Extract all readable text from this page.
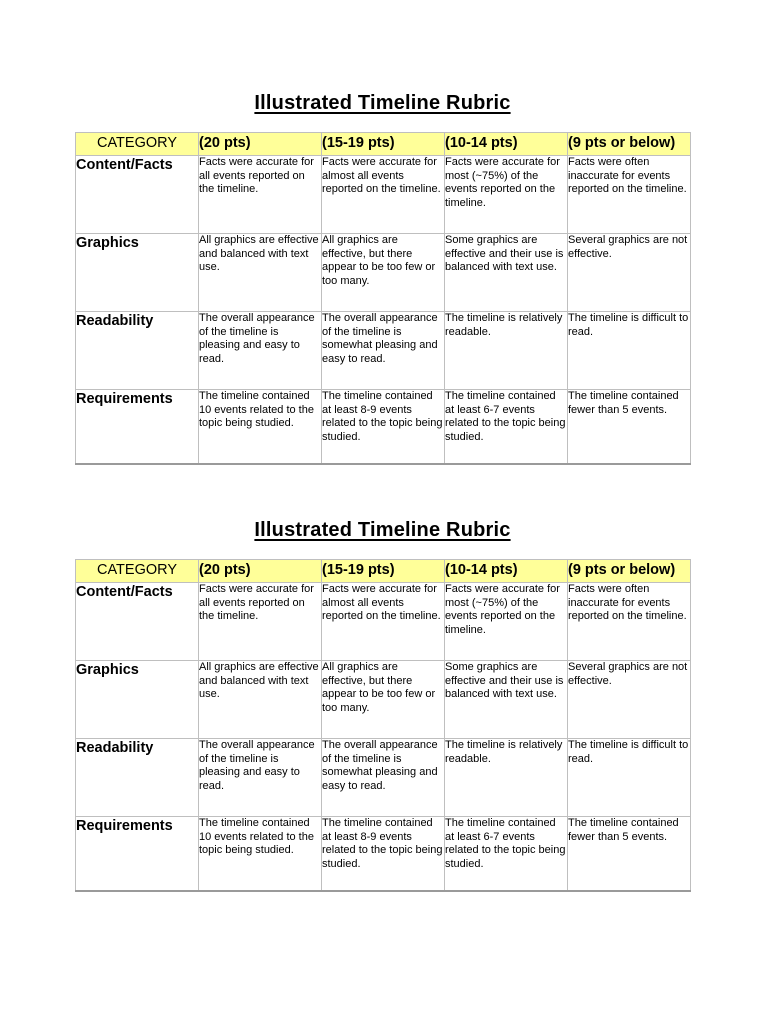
Illustrated Timeline Rubric
CATEGORY	(20 pts)	(15-19 pts)	(10-14 pts)	(9 pts or below)
Content/Facts	Facts were accurate for all events reported on the timeline.	Facts were accurate for almost all events reported on the timeline.	Facts were accurate for most (~75%) of the events reported on the timeline.	Facts were often inaccurate for events reported on the timeline.
Graphics	All graphics are effective and balanced with text use.	All graphics are effective, but there appear to be too few or too many.	Some graphics are effective and their use is balanced with text use.	Several graphics are not effective.
Readability	The overall appearance of the timeline is pleasing and easy to read.	The overall appearance of the timeline is somewhat pleasing and easy to read.	The timeline is relatively readable.	The timeline is difficult to read.
Requirements	The timeline contained 10 events related to the topic being studied.	The timeline contained at least 8-9 events related to the topic being studied.	The timeline contained at least 6-7 events related to the topic being studied.	The timeline contained fewer than 5 events.
Illustrated Timeline Rubric
CATEGORY	(20 pts)	(15-19 pts)	(10-14 pts)	(9 pts or below)
Content/Facts	Facts were accurate for all events reported on the timeline.	Facts were accurate for almost all events reported on the timeline.	Facts were accurate for most (~75%) of the events reported on the timeline.	Facts were often inaccurate for events reported on the timeline.
Graphics	All graphics are effective and balanced with text use.	All graphics are effective, but there appear to be too few or too many.	Some graphics are effective and their use is balanced with text use.	Several graphics are not effective.
Readability	The overall appearance of the timeline is pleasing and easy to read.	The overall appearance of the timeline is somewhat pleasing and easy to read.	The timeline is relatively readable.	The timeline is difficult to read.
Requirements	The timeline contained 10 events related to the topic being studied.	The timeline contained at least 8-9 events related to the topic being studied.	The timeline contained at least 6-7 events related to the topic being studied.	The timeline contained fewer than 5 events.
